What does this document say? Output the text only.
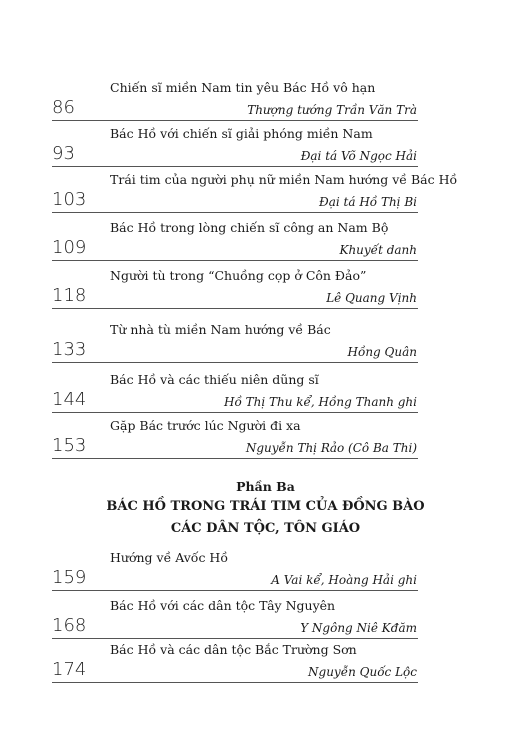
Chiến sĩ miền Nam tin yêu Bác Hồ vô hạn
86	Thượng tướng Trần Văn Trà
Bác Hồ với chiến sĩ giải phóng miền Nam
93	Đại tá Võ Ngọc Hải
Trái tim của người phụ nữ miền Nam hướng về Bác Hồ
103	Đại tá Hồ Thị Bi
Bác Hồ trong lòng chiến sĩ công an Nam Bộ
109	Khuyết danh
Người tù trong “Chuồng cọp ở Côn Đảo”
118	Lê Quang Vịnh
Từ nhà tù miền Nam hướng về Bác
133	Hồng Quân
Bác Hồ và các thiếu niên dũng sĩ
144	Hồ Thị Thu kể, Hồng Thanh ghi
Gặp Bác trước lúc Người đi xa
153	Nguyễn Thị Rảo (Cô Ba Thi)
Phần Ba
BÁC HỒ TRONG TRÁI TIM CỦA ĐỒNG BÀO
CÁC DÂN TỘC, TÔN GIÁO
Hướng về Avốc Hồ
159	A Vai kể, Hoàng Hải ghi
Bác Hồ với các dân tộc Tây Nguyên
168	Y Ngông Niê Kđăm
Bác Hồ và các dân tộc Bắc Trường Sơn
174	Nguyễn Quốc Lộc
